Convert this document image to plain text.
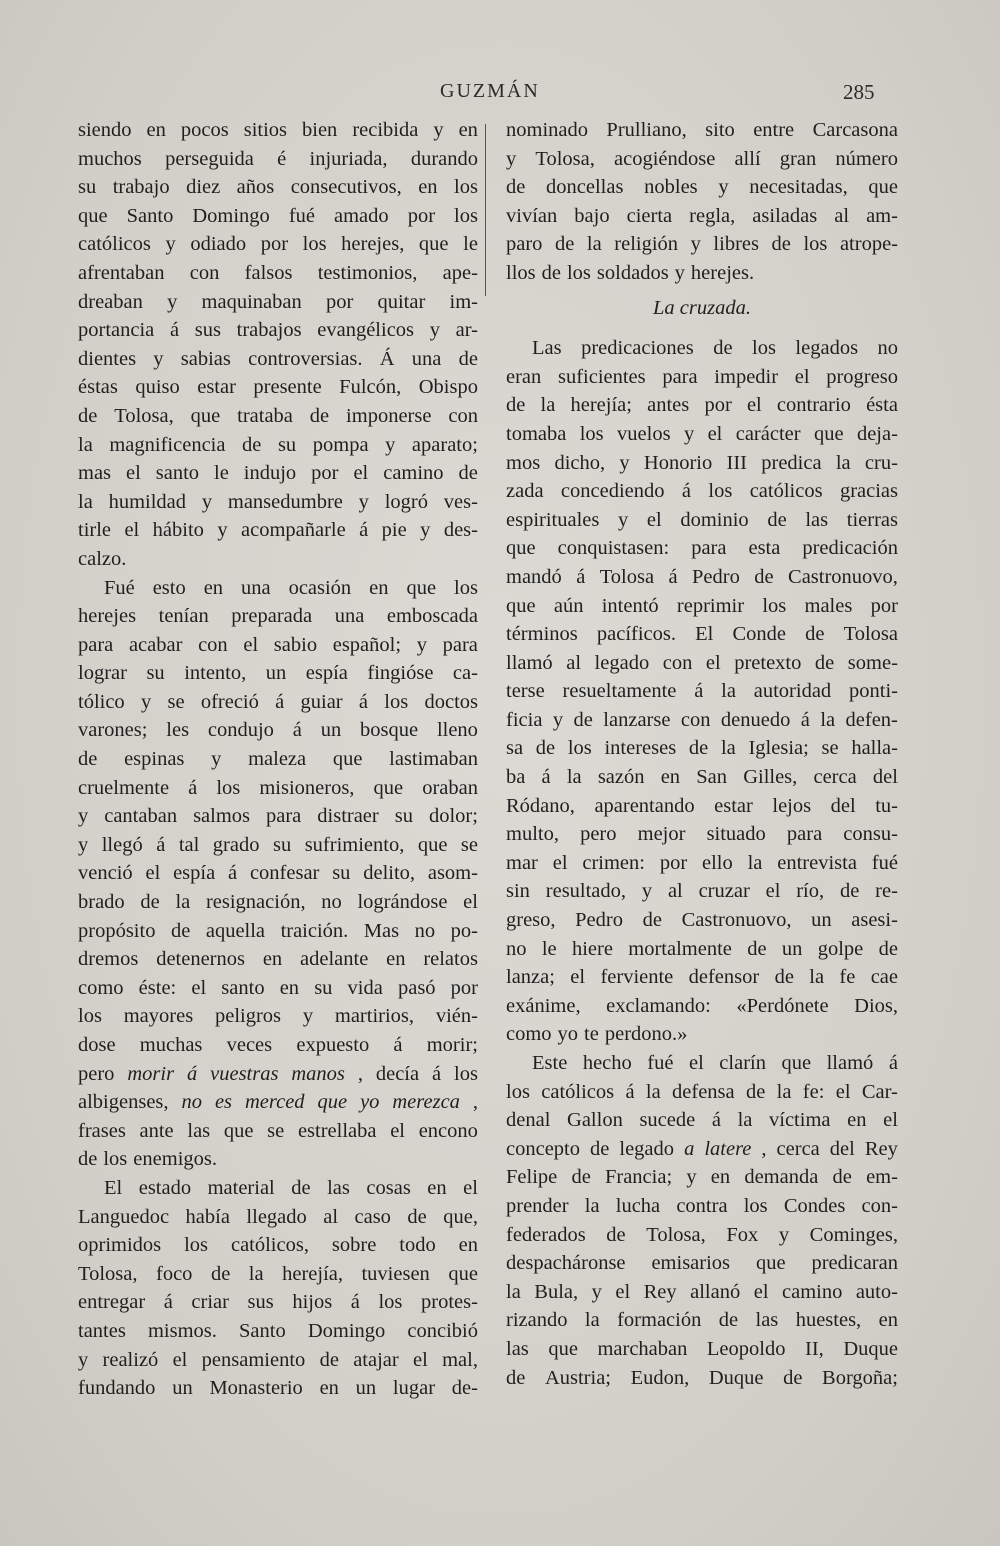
GUZMÁN	285
siendo en pocos sitios bien recibida y en
muchos perseguida é injuriada, durando
su trabajo diez años consecutivos, en los
que Santo Domingo fué amado por los
católicos y odiado por los herejes, que le
afrentaban con falsos testimonios, ape-
dreaban y maquinaban por quitar im-
portancia á sus trabajos evangélicos y ar-
dientes y sabias controversias. Á una de
éstas quiso estar presente Fulcón, Obispo
de Tolosa, que trataba de imponerse con
la magnificencia de su pompa y aparato;
mas el santo le indujo por el camino de
la humildad y mansedumbre y logró ves-
tirle el hábito y acompañarle á pie y des-
calzo.
Fué esto en una ocasión en que los
herejes tenían preparada una emboscada
para acabar con el sabio español; y para
lograr su intento, un espía fingióse ca-
tólico y se ofreció á guiar á los doctos
varones; les condujo á un bosque lleno
de espinas y maleza que lastimaban
cruelmente á los misioneros, que oraban
y cantaban salmos para distraer su dolor;
y llegó á tal grado su sufrimiento, que se
venció el espía á confesar su delito, asom-
brado de la resignación, no lográndose el
propósito de aquella traición. Mas no po-
dremos detenernos en adelante en relatos
como éste: el santo en su vida pasó por
los mayores peligros y martirios, vién-
dose muchas veces expuesto á morir;
pero morir á vuestras manos , decía á los
albigenses, no es merced que yo merezca ,
frases ante las que se estrellaba el encono
de los enemigos.
El estado material de las cosas en el
Languedoc había llegado al caso de que,
oprimidos los católicos, sobre todo en
Tolosa, foco de la herejía, tuviesen que
entregar á criar sus hijos á los protes-
tantes mismos. Santo Domingo concibió
y realizó el pensamiento de atajar el mal,
fundando un Monasterio en un lugar de-
nominado Prulliano, sito entre Carcasona
y Tolosa, acogiéndose allí gran número
de doncellas nobles y necesitadas, que
vivían bajo cierta regla, asiladas al am-
paro de la religión y libres de los atrope-
llos de los soldados y herejes.
La cruzada.
Las predicaciones de los legados no
eran suficientes para impedir el progreso
de la herejía; antes por el contrario ésta
tomaba los vuelos y el carácter que deja-
mos dicho, y Honorio III predica la cru-
zada concediendo á los católicos gracias
espirituales y el dominio de las tierras
que conquistasen: para esta predicación
mandó á Tolosa á Pedro de Castronuovo,
que aún intentó reprimir los males por
términos pacíficos. El Conde de Tolosa
llamó al legado con el pretexto de some-
terse resueltamente á la autoridad ponti-
ficia y de lanzarse con denuedo á la defen-
sa de los intereses de la Iglesia; se halla-
ba á la sazón en San Gilles, cerca del
Ródano, aparentando estar lejos del tu-
multo, pero mejor situado para consu-
mar el crimen: por ello la entrevista fué
sin resultado, y al cruzar el río, de re-
greso, Pedro de Castronuovo, un asesi-
no le hiere mortalmente de un golpe de
lanza; el ferviente defensor de la fe cae
exánime, exclamando: «Perdónete Dios,
como yo te perdono.»
Este hecho fué el clarín que llamó á
los católicos á la defensa de la fe: el Car-
denal Gallon sucede á la víctima en el
concepto de legado a latere , cerca del Rey
Felipe de Francia; y en demanda de em-
prender la lucha contra los Condes con-
federados de Tolosa, Fox y Cominges,
despacháronse emisarios que predicaran
la Bula, y el Rey allanó el camino auto-
rizando la formación de las huestes, en
las que marchaban Leopoldo II, Duque
de Austria; Eudon, Duque de Borgoña;
